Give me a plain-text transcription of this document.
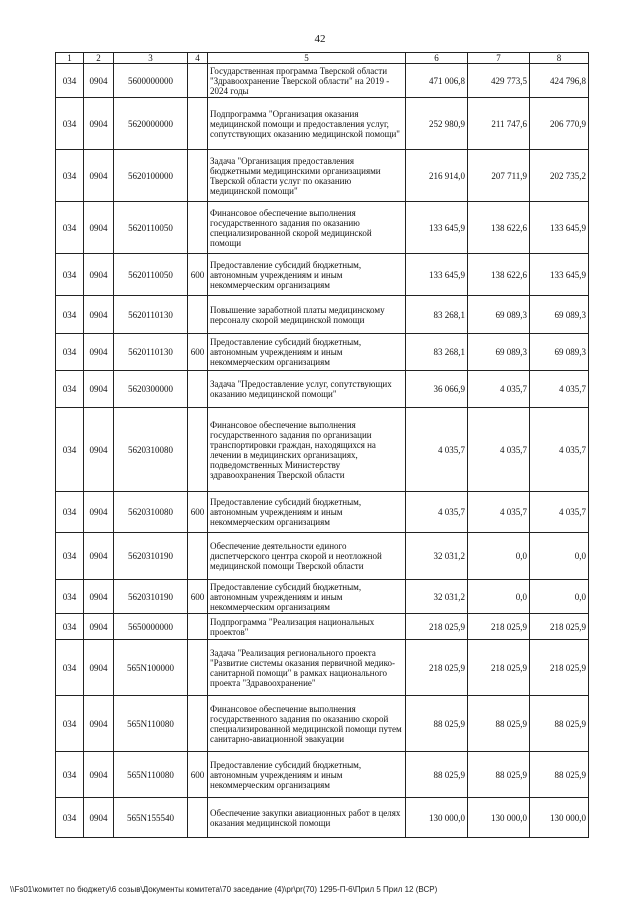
42
1	2	3	4	5	6	7	8
034	0904	5600000000		Государственная программа Тверской области "Здравоохранение Тверской области" на 2019 - 2024 годы	471 006,8	429 773,5	424 796,8
034	0904	5620000000		Подпрограмма "Организация оказания медицинской помощи и предоставления услуг, сопутствующих оказанию медицинской помощи"	252 980,9	211 747,6	206 770,9
034	0904	5620100000		Задача "Организация предоставления бюджетными медицинскими организациями Тверской области услуг по оказанию медицинской помощи"	216 914,0	207 711,9	202 735,2
034	0904	5620110050		Финансовое обеспечение выполнения государственного задания по оказанию специализированной скорой медицинской помощи	133 645,9	138 622,6	133 645,9
034	0904	5620110050	600	Предоставление субсидий бюджетным, автономным учреждениям и иным некоммерческим организациям	133 645,9	138 622,6	133 645,9
034	0904	5620110130		Повышение заработной платы медицинскому персоналу скорой медицинской помощи	83 268,1	69 089,3	69 089,3
034	0904	5620110130	600	Предоставление субсидий бюджетным, автономным учреждениям и иным некоммерческим организациям	83 268,1	69 089,3	69 089,3
034	0904	5620300000		Задача "Предоставление услуг, сопутствующих оказанию медицинской помощи"	36 066,9	4 035,7	4 035,7
034	0904	5620310080		Финансовое обеспечение выполнения государственного задания по организации транспортировки граждан, находящихся на лечении в медицинских организациях, подведомственных Министерству здравоохранения Тверской области	4 035,7	4 035,7	4 035,7
034	0904	5620310080	600	Предоставление субсидий бюджетным, автономным учреждениям и иным некоммерческим организациям	4 035,7	4 035,7	4 035,7
034	0904	5620310190		Обеспечение деятельности единого диспетчерского центра скорой и неотложной медицинской помощи Тверской области	32 031,2	0,0	0,0
034	0904	5620310190	600	Предоставление субсидий бюджетным, автономным учреждениям и иным некоммерческим организациям	32 031,2	0,0	0,0
034	0904	5650000000		Подпрограмма "Реализация национальных проектов"	218 025,9	218 025,9	218 025,9
034	0904	565N100000		Задача "Реализация регионального проекта "Развитие системы оказания первичной медико-санитарной помощи" в рамках национального проекта "Здравоохранение"	218 025,9	218 025,9	218 025,9
034	0904	565N110080		Финансовое обеспечение выполнения государственного задания по оказанию скорой специализированной медицинской помощи путем санитарно-авиационной эвакуации	88 025,9	88 025,9	88 025,9
034	0904	565N110080	600	Предоставление субсидий бюджетным, автономным учреждениям и иным некоммерческим организациям	88 025,9	88 025,9	88 025,9
034	0904	565N155540		Обеспечение закупки авиационных работ в целях оказания медицинской помощи	130 000,0	130 000,0	130 000,0
\\Fs01\комитет по бюджету\6 созыв\Документы комитета\70 заседание (4)\pr\pr(70) 1295-П-6\Прил 5 Прил 12 (ВСР)
